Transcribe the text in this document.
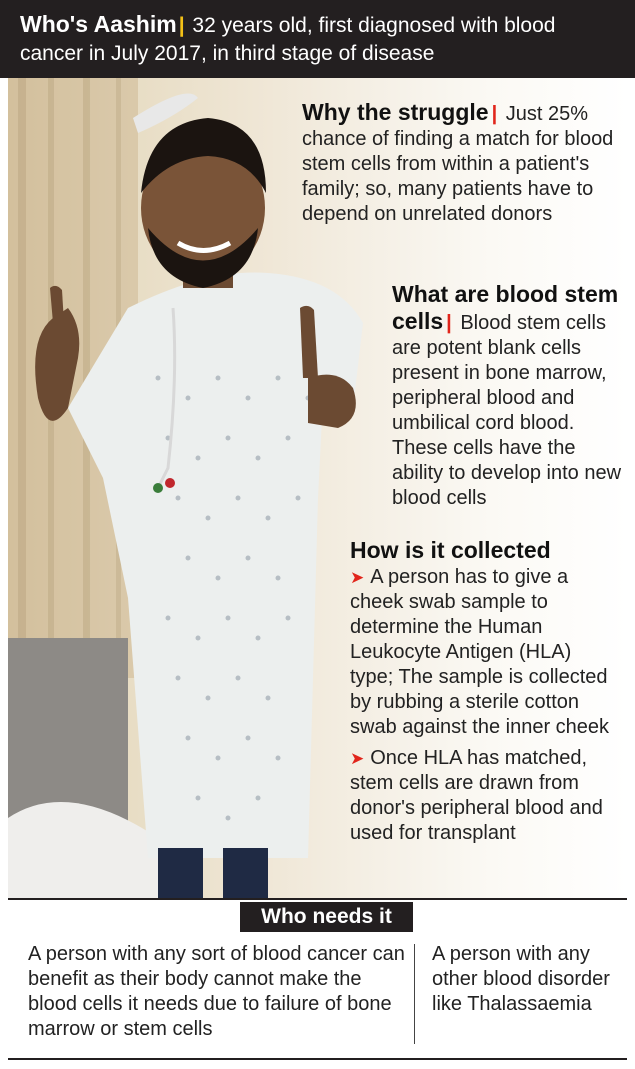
Who's Aashim| 32 years old, first diagnosed with blood cancer in July 2017, in third stage of disease
Why the struggle | Just 25% chance of finding a match for blood stem cells from within a patient's family; so, many patients have to depend on unrelated donors
What are blood stem cells | Blood stem cells are potent blank cells present in bone marrow, peripheral blood and umbilical cord blood. These cells have the ability to develop into new blood cells
How is it collected
➤ A person has to give a cheek swab sample to determine the Human Leukocyte Antigen (HLA) type; The sample is collected by rubbing a sterile cotton swab against the inner cheek
➤ Once HLA has matched, stem cells are drawn from donor's peripheral blood and used for transplant
Who needs it
A person with any sort of blood cancer can benefit as their body cannot make the blood cells it needs due to failure of bone marrow or stem cells
A person with any other blood disorder like Thalassaemia
